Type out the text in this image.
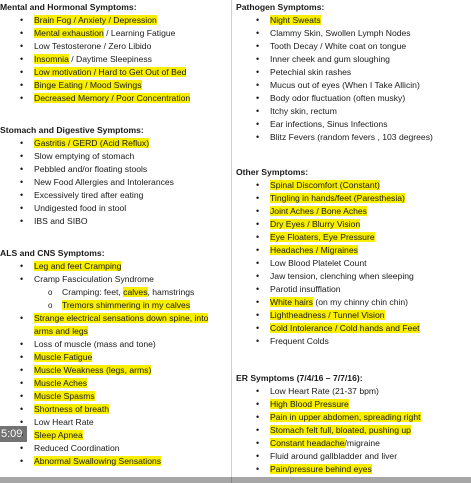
Mental and Hormonal Symptoms:
• Brain Fog / Anxiety / Depression
• Mental exhaustion / Learning Fatigue
• Low Testosterone / Zero Libido
• Insomnia / Daytime Sleepiness
• Low motivation / Hard to Get Out of Bed
• Binge Eating / Mood Swings
• Decreased Memory / Poor Concentration
Stomach and Digestive Symptoms:
• Gastritis / GERD (Acid Reflux)
• Slow emptying of stomach
• Pebbled and/or floating stools
• New Food Allergies and Intolerances
• Excessively tired after eating
• Undigested food in stool
• IBS and SIBO
ALS and CNS Symptoms:
• Leg and feet Cramping
• Cramp Fasciculation Syndrome
o Cramping: feet, calves, hamstrings
o Tremors shimmering in my calves
• Strange electrical sensations down spine, into arms and legs
• Loss of muscle (mass and tone)
• Muscle Fatigue
• Muscle Weakness (legs, arms)
• Muscle Aches
• Muscle Spasms
• Shortness of breath
• Low Heart Rate
• Sleep Apnea
• Reduced Coordination
• Abnormal Swallowing Sensations
Pathogen Symptoms:
• Night Sweats
• Clammy Skin, Swollen Lymph Nodes
• Tooth Decay / White coat on tongue
• Inner cheek and gum sloughing
• Petechial skin rashes
• Mucus out of eyes (When I Take Allicin)
• Body odor fluctuation (often musky)
• Itchy skin, rectum
• Ear infections, Sinus Infections
• Blitz Fevers (random fevers , 103 degrees)
Other Symptoms:
• Spinal Discomfort (Constant)
• Tingling in hands/feet (Paresthesia)
• Joint Aches / Bone Aches
• Dry Eyes / Blurry Vision
• Eye Floaters, Eye Pressure
• Headaches / Migraines
• Low Blood Platelet Count
• Jaw tension, clenching when sleeping
• Parotid insufflation
• White hairs (on my chinny chin chin)
• Lightheadness / Tunnel Vision
• Cold Intolerance / Cold hands and Feet
• Frequent Colds
ER Symptoms (7/4/16 – 7/7/16):
• Low Heart Rate (21-37 bpm)
• High Blood Pressure
• Pain in upper abdomen, spreading right
• Stomach felt full, bloated, pushing up
• Constant headache/migraine
• Fluid around gallbladder and liver
• Pain/pressure behind eyes
5:09
